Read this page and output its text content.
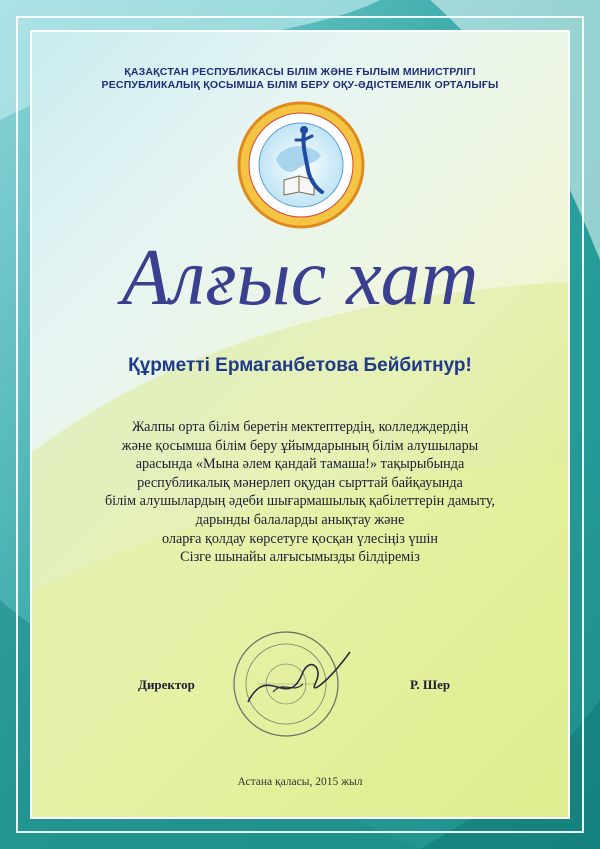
ҚАЗАҚСТАН РЕСПУБЛИКАСЫ БІЛІМ ЖӘНЕ ҒЫЛЫМ МИНИСТРЛІГІ
РЕСПУБЛИКАЛЫҚ ҚОСЫМША БІЛІМ БЕРУ ОҚУ-ӘДІСТЕМЕЛІК ОРТАЛЫҒЫ
Алғыс хат
Құрметті Ермаганбетова Бейбитнур!
Жалпы орта білім беретін мектептердің, колледждердің
және қосымша білім беру ұйымдарының білім алушылары
арасында «Мына әлем қандай тамаша!» тақырыбында
республикалық мәнерлеп оқудан сырттай байқауында
білім алушылардың әдеби шығармашылық қабілеттерін дамыту,
дарынды балаларды анықтау және
оларға қолдау көрсетуге қосқан үлесіңіз үшін
Сізге шынайы алғысымызды білдіреміз
Директор	Р. Шер
Астана қаласы, 2015 жыл
